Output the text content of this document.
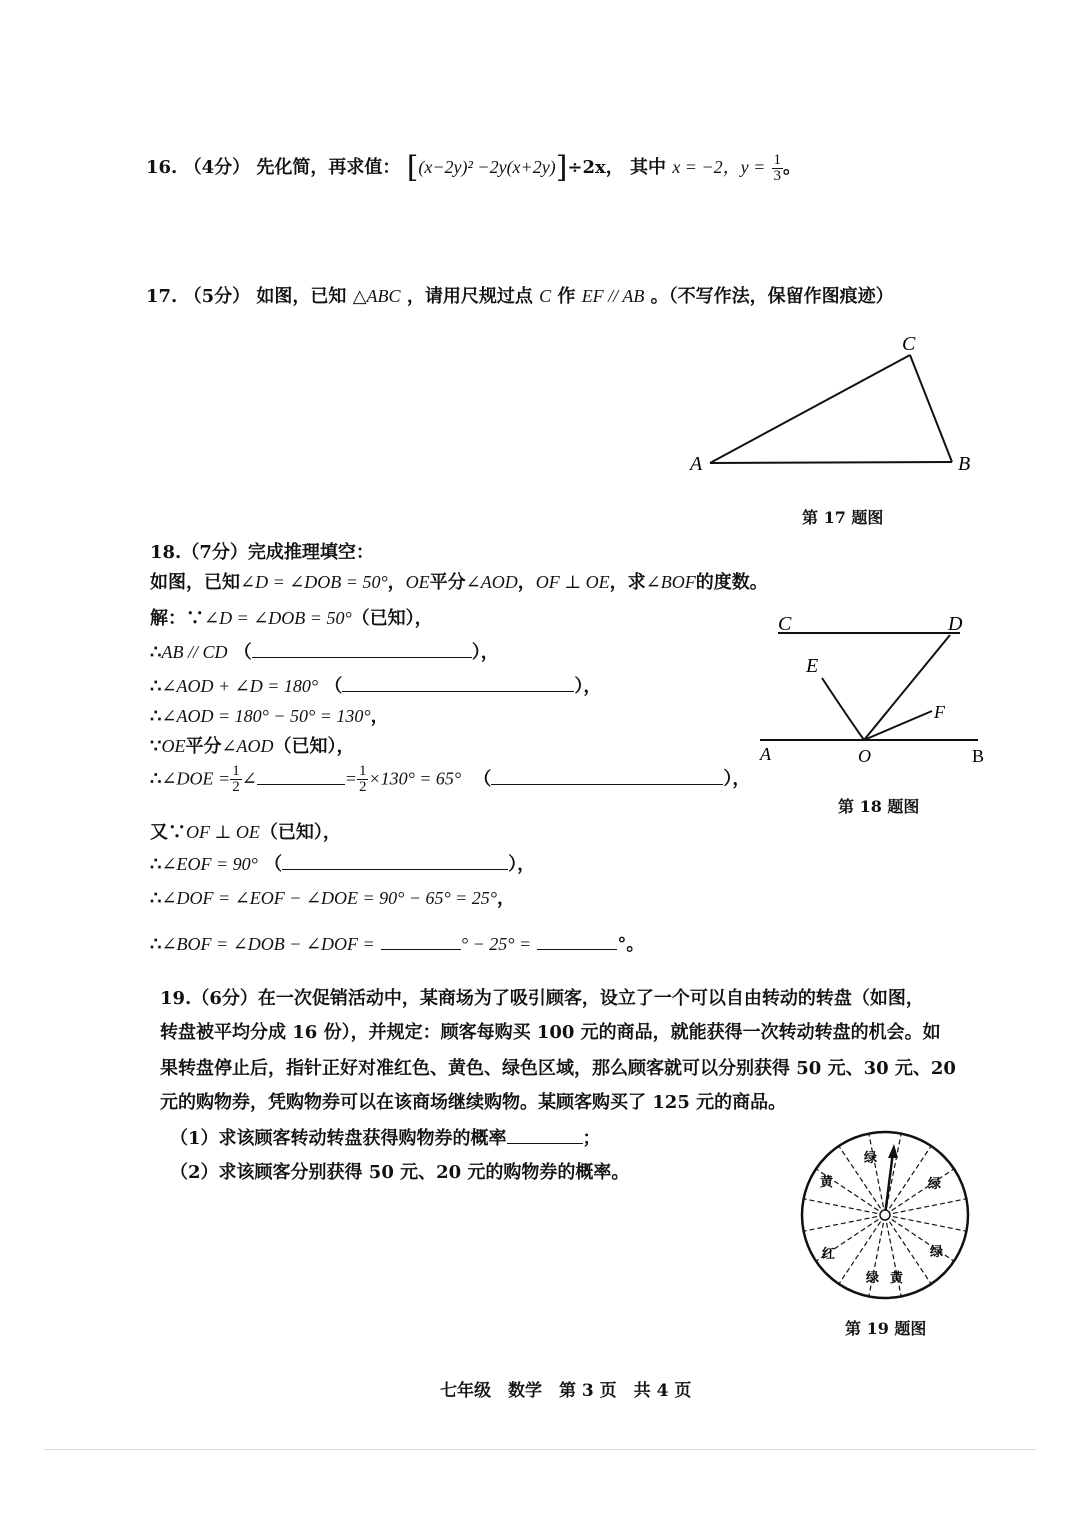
16. （4分） 先化简，再求值： [(x−2y)² −2y(x+2y)]÷2x， 其中 x = −2，$y = \frac{1}{3}$ 。
17. （5分） 如图，已知 △ABC ，请用尺规过点 C 作 EF // AB 。（不写作法，保留作图痕迹）
A	B
C
第 17 题图
18.（7分）完成推理填空：
如图，已知∠D = ∠DOB = 50°，OE平分∠AOD，OF ⊥ OE，求∠BOF的度数。
解：∵∠D = ∠DOB = 50°（已知），
∴AB // CD （	），
∴∠AOD + ∠D = 180° （	），
∴∠AOD = 180° − 50° = 130°，
∵OE平分∠AOD（已知），
∴∠DOE = $\frac{1}{2}$ ∠	= $\frac{1}{2} \times 130^\circ = 65^\circ$ （	），
又∵OF ⊥ OE（已知），
∴∠EOF = 90° （	），
∴∠DOF = ∠EOF − ∠DOE = 90° − 65° = 25°，
∴∠BOF = ∠DOB − ∠DOF =	° − 25° =	°。
C	D
E
F
A	O	B
第 18 题图
19.（6分）在一次促销活动中，某商场为了吸引顾客，设立了一个可以自由转动的转盘（如图，
转盘被平均分成 16 份），并规定：顾客每购买 100 元的商品，就能获得一次转动转盘的机会。如
果转盘停止后，指针正好对准红色、黄色、绿色区域，那么顾客就可以分别获得 50 元、30 元、20
元的购物券，凭购物券可以在该商场继续购物。某顾客购买了 125 元的商品。
（1）求该顾客转动转盘获得购物券的概率	；
（2）求该顾客分别获得 50 元、20 元的购物券的概率。
绿
黄	绿
红	绿
绿 黄
第 19 题图
七年级　数学　第 3 页　共 4 页
